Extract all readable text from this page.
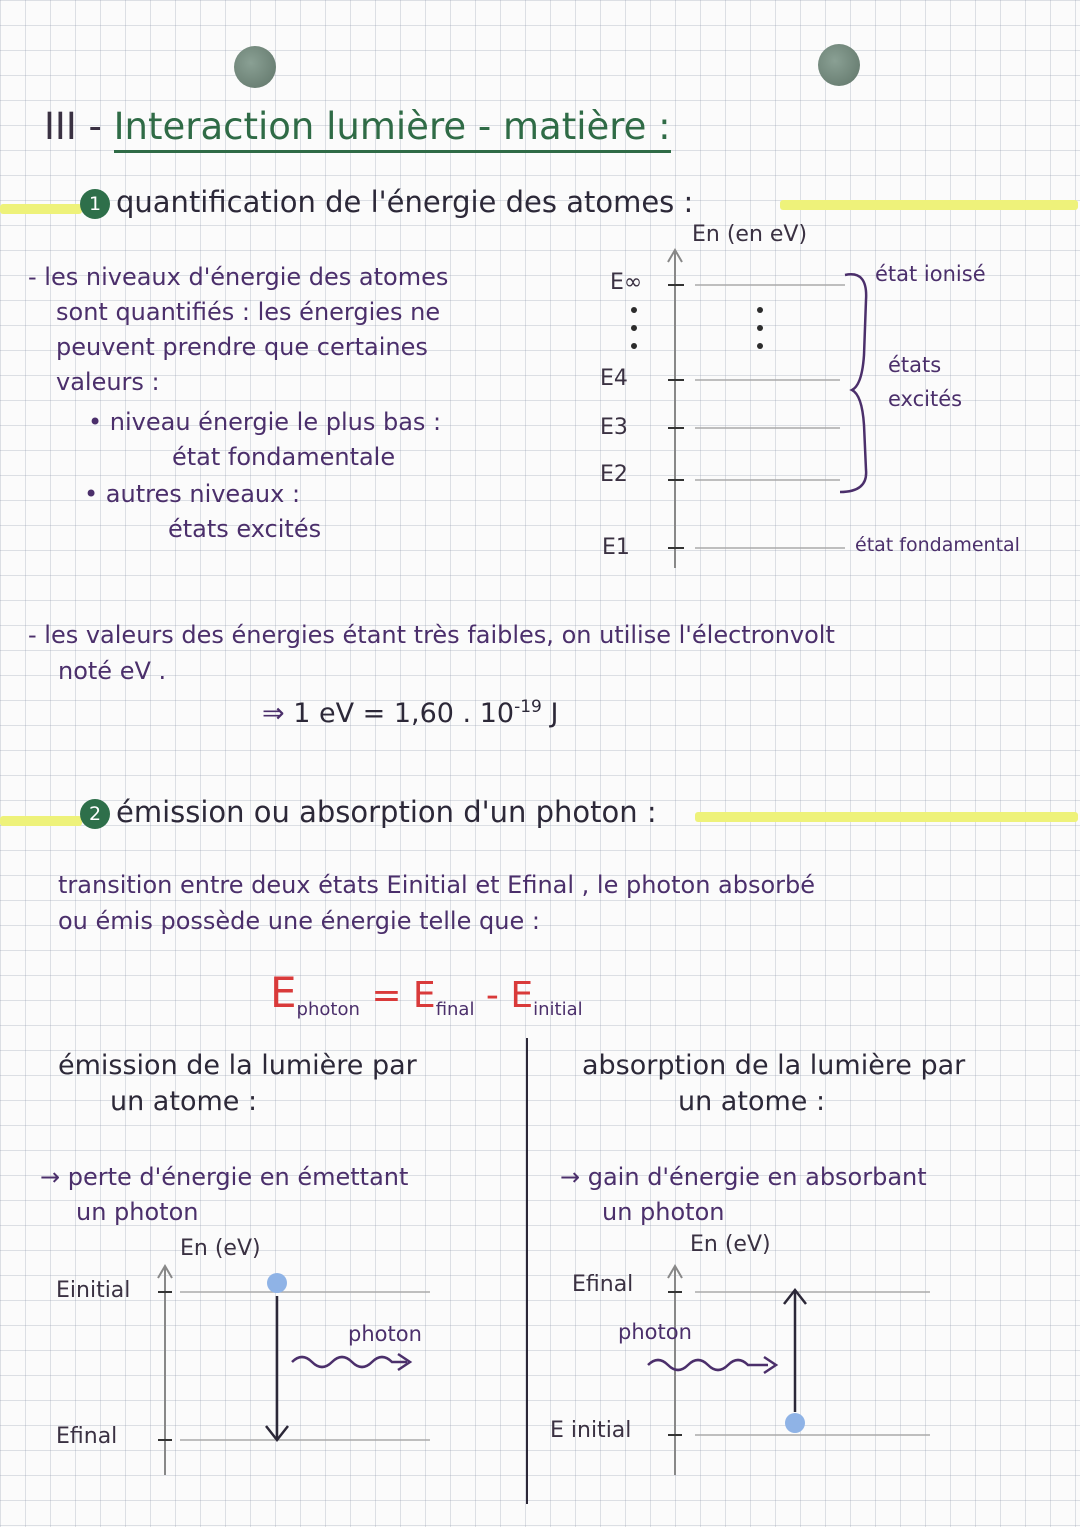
III - Interaction lumière - matière :
1 quantification de l'énergie des atomes :
- les niveaux d'énergie des atomes
sont quantifiés : les énergies ne
peuvent prendre que certaines
valeurs :
• niveau énergie le plus bas :
état fondamentale
• autres niveaux :
états excités
En (en eV)
E∞
E4
E3
E2
E1
état ionisé
états
excités
état fondamental
- les valeurs des énergies étant très faibles, on utilise l'électronvolt
noté eV .
⇒ 1 eV = 1,60 . $10^{-19}$ J
2 émission ou absorption d'un photon :
transition entre deux états Einitial et Efinal , le photon absorbé
ou émis possède une énergie telle que :
$E_{photon} = E_{final} - E_{initial}$
émission de la lumière par
un atome :
→ perte d'énergie en émettant
un photon
absorption de la lumière par
un atome :
→ gain d'énergie en absorbant
un photon
En (eV)
Einitial
Efinal
photon
En (eV)
Efinal
E initial
photon
